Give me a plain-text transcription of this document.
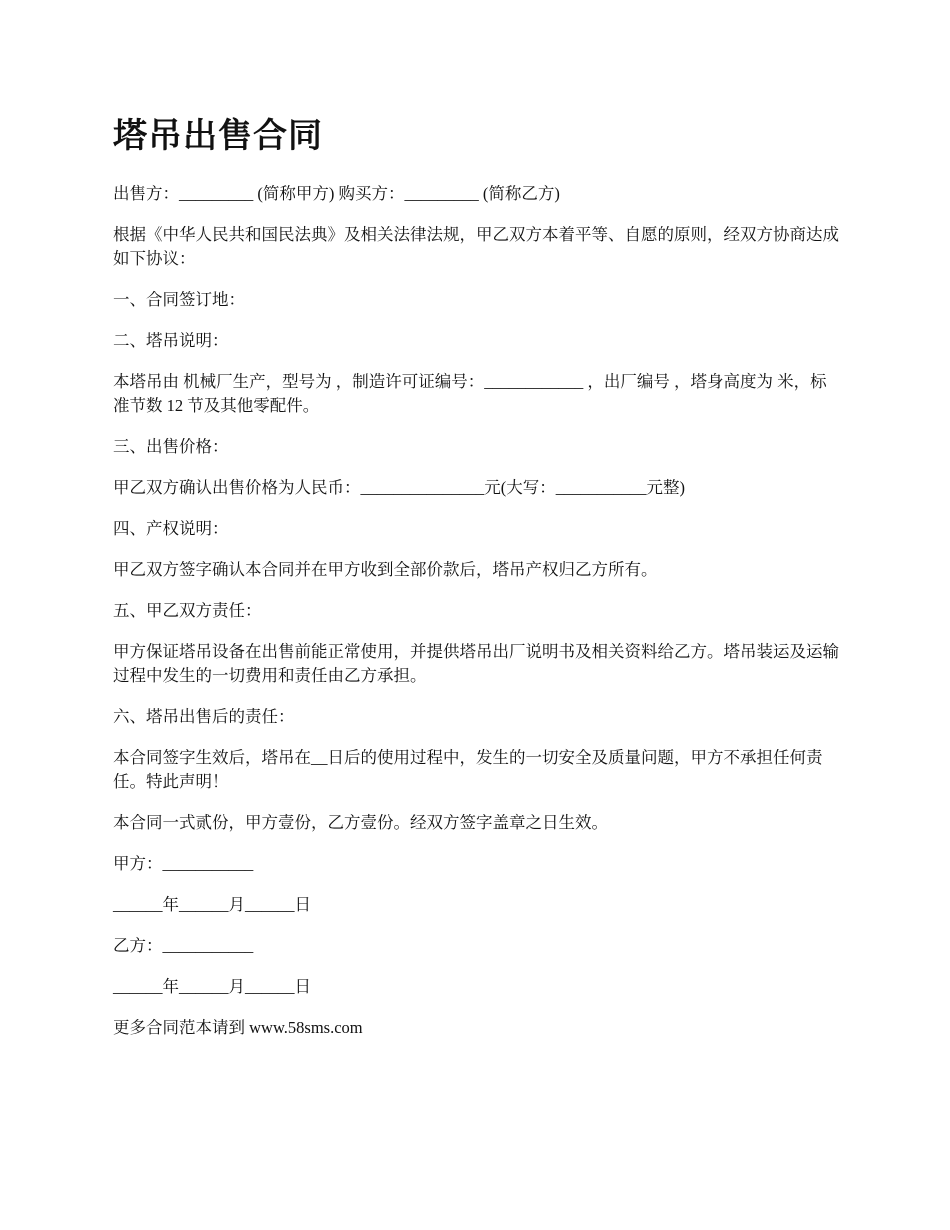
塔吊出售合同

出售方：_________ (简称甲方) 购买方：_________ (简称乙方)

根据《中华人民共和国民法典》及相关法律法规，甲乙双方本着平等、自愿的原则，经双方协商达成如下协议：

一、合同签订地：

二、塔吊说明：

本塔吊由 机械厂生产，型号为 ，制造许可证编号：____________ ，出厂编号 ，塔身高度为 米，标准节数 12 节及其他零配件。

三、出售价格：

甲乙双方确认出售价格为人民币：_______________元(大写：___________元整)

四、产权说明：

甲乙双方签字确认本合同并在甲方收到全部价款后，塔吊产权归乙方所有。

五、甲乙双方责任：

甲方保证塔吊设备在出售前能正常使用，并提供塔吊出厂说明书及相关资料给乙方。塔吊装运及运输过程中发生的一切费用和责任由乙方承担。

六、塔吊出售后的责任：

本合同签字生效后，塔吊在__日后的使用过程中，发生的一切安全及质量问题，甲方不承担任何责任。特此声明！

本合同一式贰份，甲方壹份，乙方壹份。经双方签字盖章之日生效。

甲方：___________

______年______月______日

乙方：___________

______年______月______日

更多合同范本请到 www.58sms.com
